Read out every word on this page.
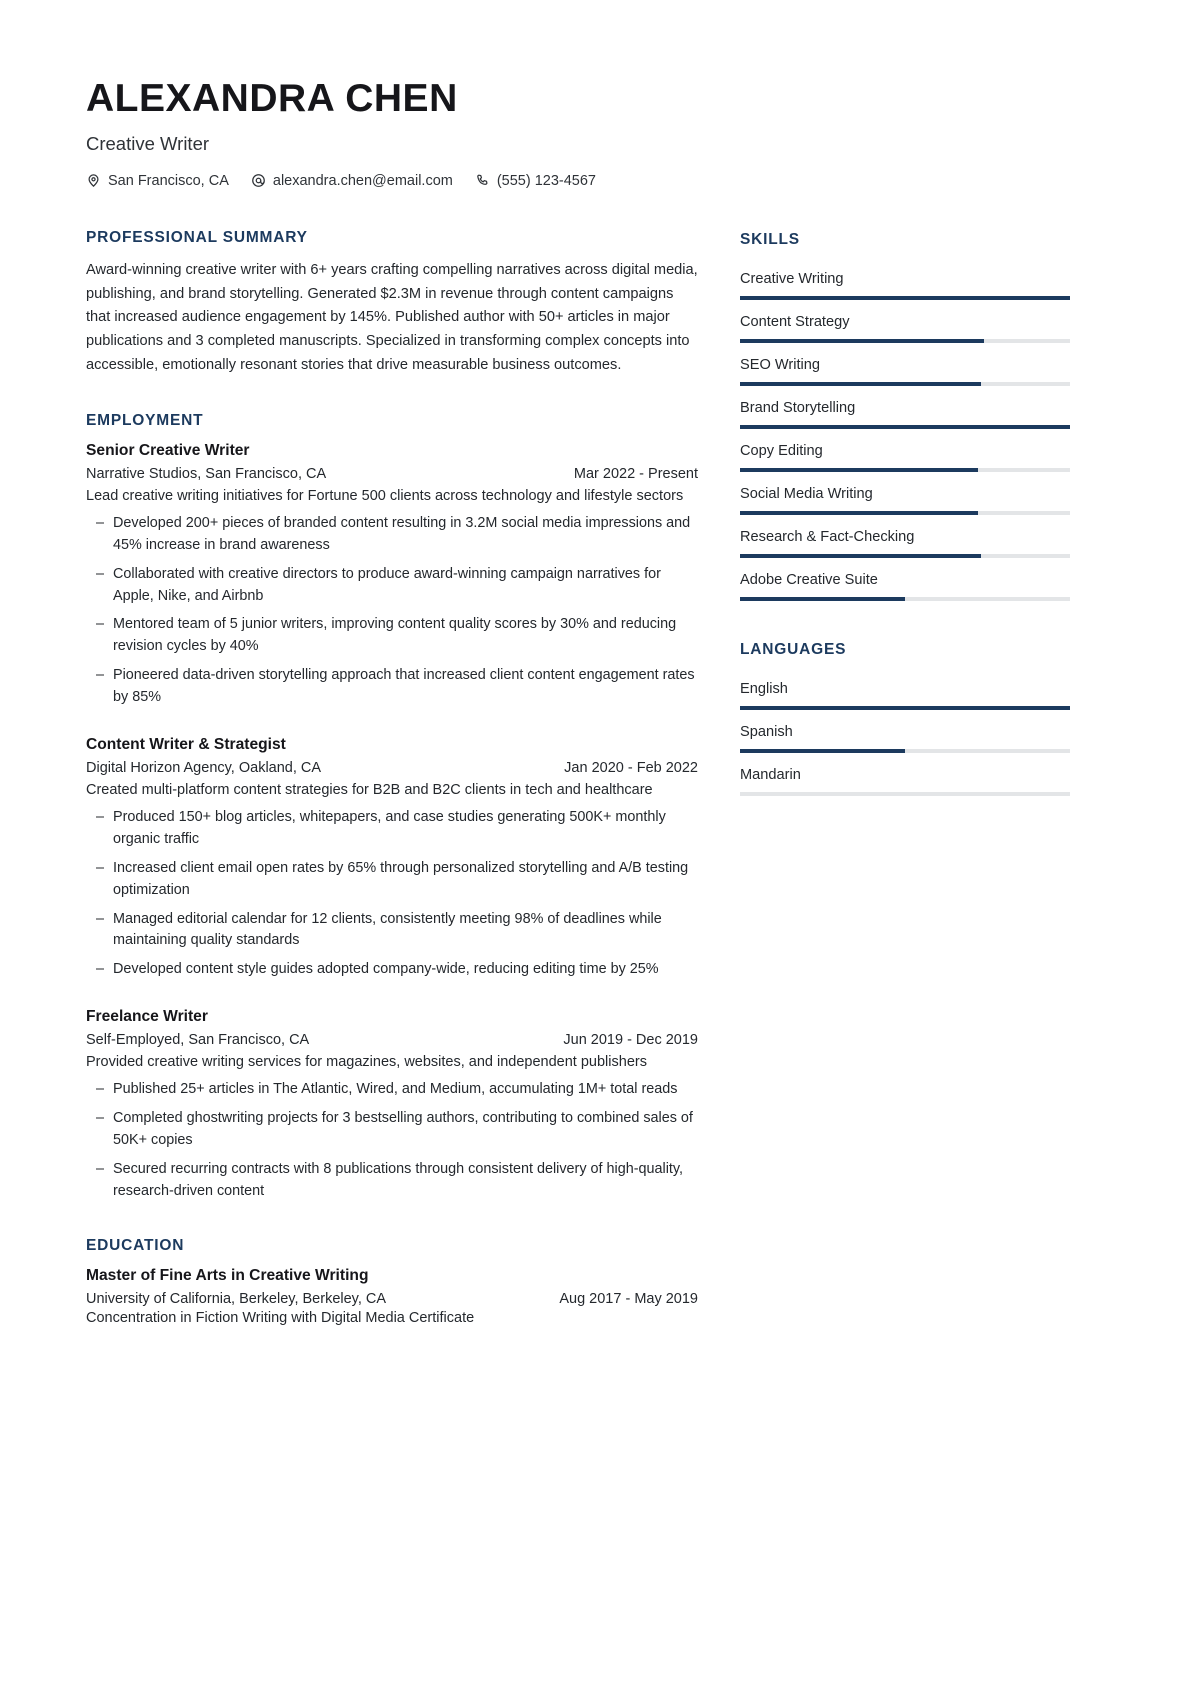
ALEXANDRA CHEN
Creative Writer
San Francisco, CA	alexandra.chen@email.com	(555) 123-4567
PROFESSIONAL SUMMARY
Award-winning creative writer with 6+ years crafting compelling narratives across digital media, publishing, and brand storytelling. Generated $2.3M in revenue through content campaigns that increased audience engagement by 145%. Published author with 50+ articles in major publications and 3 completed manuscripts. Specialized in transforming complex concepts into accessible, emotionally resonant stories that drive measurable business outcomes.
EMPLOYMENT
Senior Creative Writer
Narrative Studios, San Francisco, CA	Mar 2022 - Present
Lead creative writing initiatives for Fortune 500 clients across technology and lifestyle sectors
– Developed 200+ pieces of branded content resulting in 3.2M social media impressions and 45% increase in brand awareness
– Collaborated with creative directors to produce award-winning campaign narratives for Apple, Nike, and Airbnb
– Mentored team of 5 junior writers, improving content quality scores by 30% and reducing revision cycles by 40%
– Pioneered data-driven storytelling approach that increased client content engagement rates by 85%
Content Writer & Strategist
Digital Horizon Agency, Oakland, CA	Jan 2020 - Feb 2022
Created multi-platform content strategies for B2B and B2C clients in tech and healthcare
– Produced 150+ blog articles, whitepapers, and case studies generating 500K+ monthly organic traffic
– Increased client email open rates by 65% through personalized storytelling and A/B testing optimization
– Managed editorial calendar for 12 clients, consistently meeting 98% of deadlines while maintaining quality standards
– Developed content style guides adopted company-wide, reducing editing time by 25%
Freelance Writer
Self-Employed, San Francisco, CA	Jun 2019 - Dec 2019
Provided creative writing services for magazines, websites, and independent publishers
– Published 25+ articles in The Atlantic, Wired, and Medium, accumulating 1M+ total reads
– Completed ghostwriting projects for 3 bestselling authors, contributing to combined sales of 50K+ copies
– Secured recurring contracts with 8 publications through consistent delivery of high-quality, research-driven content
EDUCATION
Master of Fine Arts in Creative Writing
University of California, Berkeley, Berkeley, CA	Aug 2017 - May 2019
Concentration in Fiction Writing with Digital Media Certificate
SKILLS
Creative Writing
Content Strategy
SEO Writing
Brand Storytelling
Copy Editing
Social Media Writing
Research & Fact-Checking
Adobe Creative Suite
LANGUAGES
English
Spanish
Mandarin
